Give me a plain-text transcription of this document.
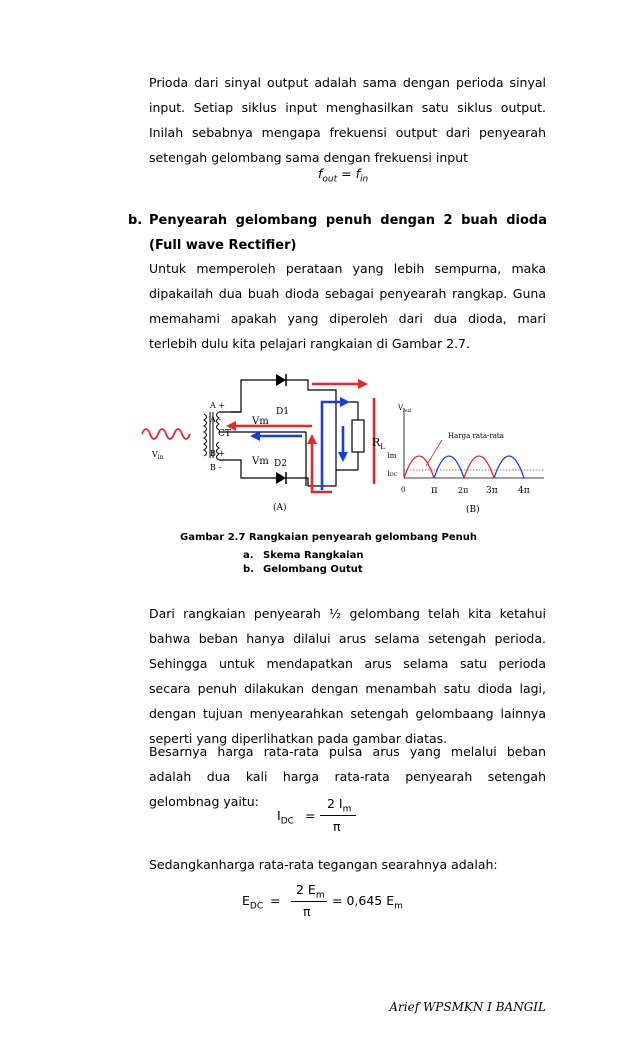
Prioda dari sinyal output adalah sama dengan perioda sinyal input. Setiap siklus input menghasilkan satu siklus output. Inilah sebabnya mengapa frekuensi output dari penyearah setengah gelombang sama dengan frekuensi input
$f_{out} = f_{in}$
b. Penyearah gelombang penuh dengan 2 buah dioda (Full wave Rectifier)
Untuk memperoleh perataan yang lebih sempurna, maka dipakailah dua buah dioda sebagai penyearah rangkap. Guna memahami apakah yang diperoleh dari dua dioda, mari terlebih dulu kita pelajari rangkaian di Gambar 2.7.
A +
A -
CT
B +
B -
$V_{in}$
Vm
Vm
D1
D2
$R_L$
(A)
$V_{out}$
Harga rata-rata
Im
IDC
0	π	2π 3π 4π
(B)
Gambar 2.7 Rangkaian penyearah gelombang Penuh
a. Skema Rangkaian
b. Gelombang Outut
Dari rangkaian penyearah ½ gelombang telah kita ketahui bahwa beban hanya dilalui arus selama setengah perioda. Sehingga untuk mendapatkan arus selama satu perioda secara penuh dilakukan dengan menambah satu dioda lagi, dengan tujuan menyearahkan setengah gelombaang lainnya seperti yang diperlihatkan pada gambar diatas.
Besarnya harga rata-rata pulsa arus yang melalui beban adalah dua kali harga rata-rata penyearah setengah gelombnag yaitu:
$I_{DC}$ =
2 $I_m$
π
Sedangkanharga rata-rata tegangan searahnya adalah:
$E_{DC}$ =
2 $E_m$
π
= 0,645 $E_m$
Arief WPSMKN I BANGIL
